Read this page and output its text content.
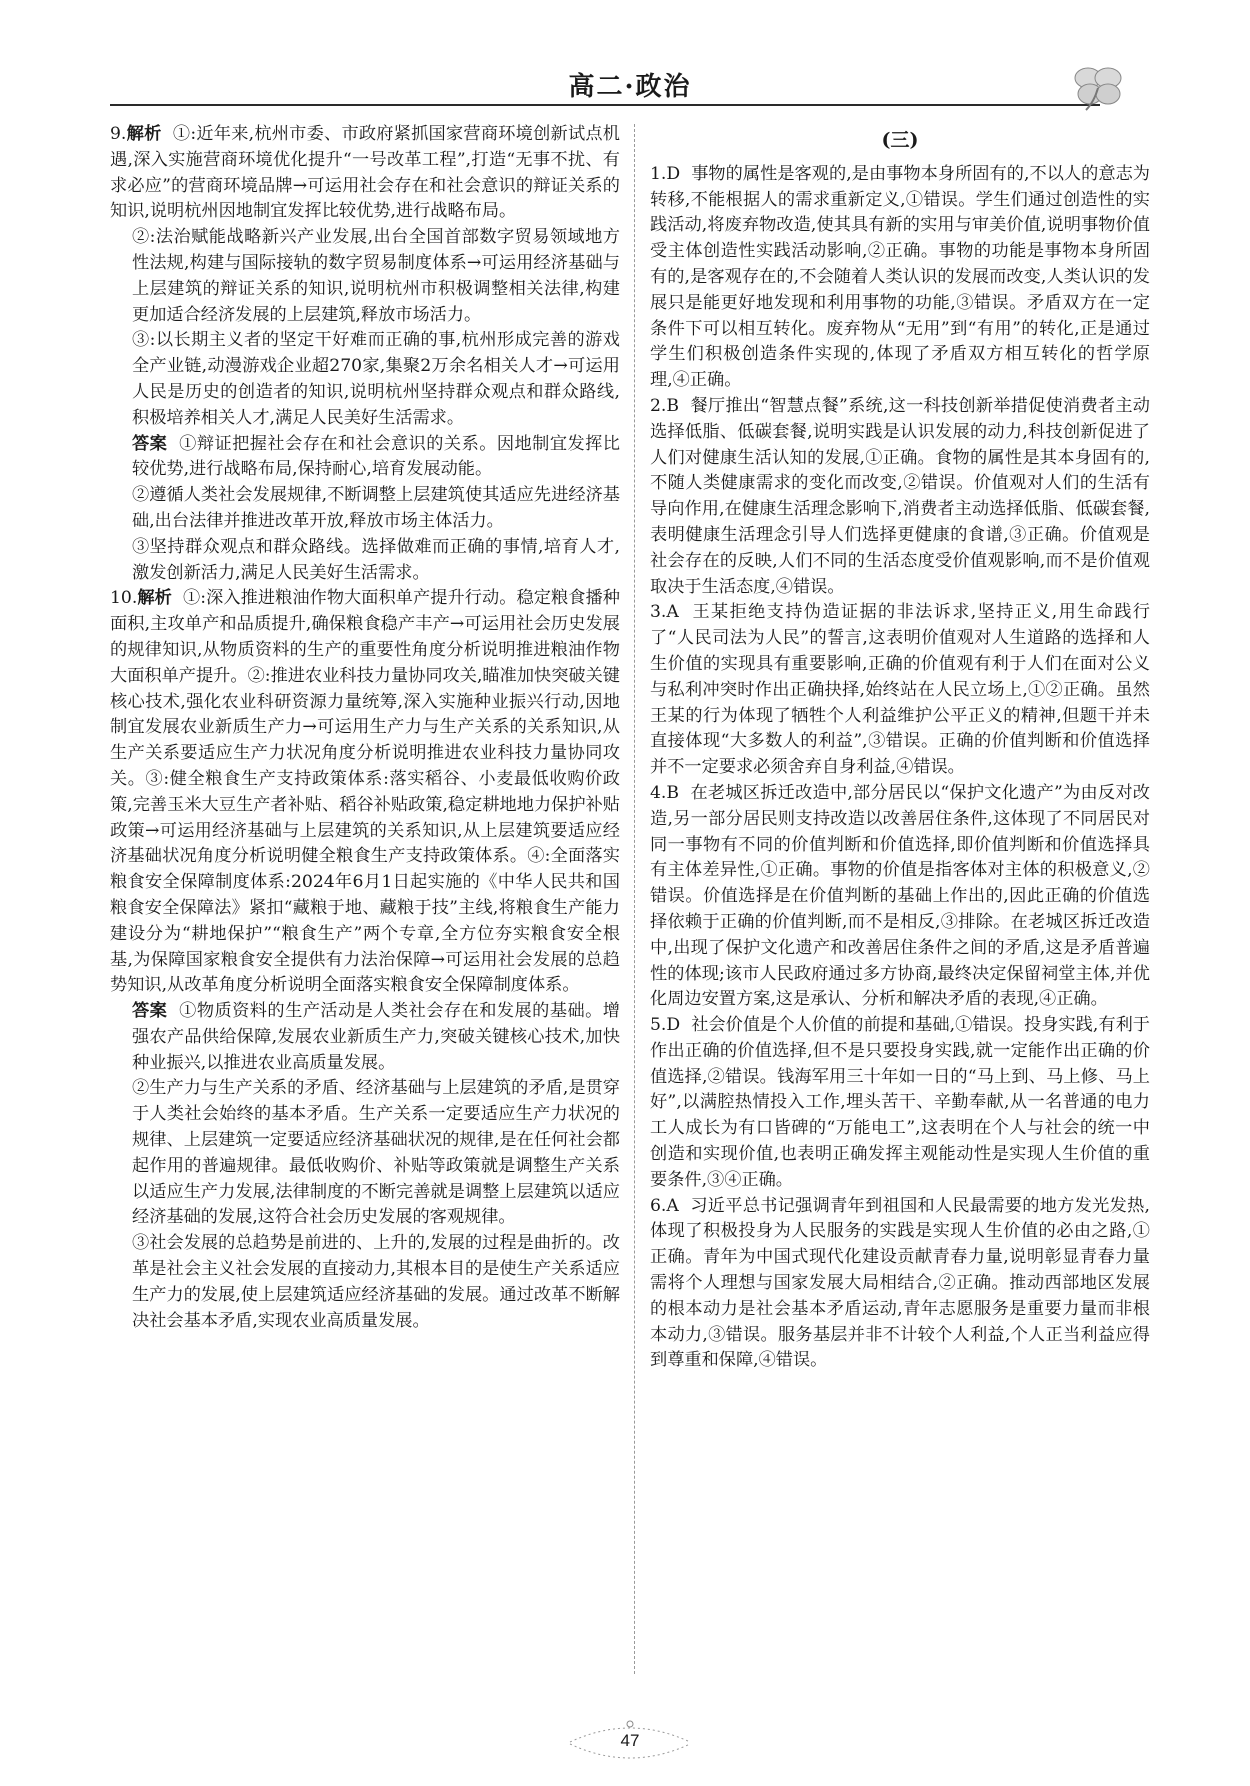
高二·政治
9.解析 ①:近年来,杭州市委、市政府紧抓国家营商环境创新试点机遇,深入实施营商环境优化提升“一号改革工程”,打造“无事不扰、有求必应”的营商环境品牌→可运用社会存在和社会意识的辩证关系的知识,说明杭州因地制宜发挥比较优势,进行战略布局。
②:法治赋能战略新兴产业发展,出台全国首部数字贸易领域地方性法规,构建与国际接轨的数字贸易制度体系→可运用经济基础与上层建筑的辩证关系的知识,说明杭州市积极调整相关法律,构建更加适合经济发展的上层建筑,释放市场活力。
③:以长期主义者的坚定干好难而正确的事,杭州形成完善的游戏全产业链,动漫游戏企业超270家,集聚2万余名相关人才→可运用人民是历史的创造者的知识,说明杭州坚持群众观点和群众路线,积极培养相关人才,满足人民美好生活需求。
答案 ①辩证把握社会存在和社会意识的关系。因地制宜发挥比较优势,进行战略布局,保持耐心,培育发展动能。
②遵循人类社会发展规律,不断调整上层建筑使其适应先进经济基础,出台法律并推进改革开放,释放市场主体活力。
③坚持群众观点和群众路线。选择做难而正确的事情,培育人才,激发创新活力,满足人民美好生活需求。
10.解析 ①:深入推进粮油作物大面积单产提升行动。稳定粮食播种面积,主攻单产和品质提升,确保粮食稳产丰产→可运用社会历史发展的规律知识,从物质资料的生产的重要性角度分析说明推进粮油作物大面积单产提升。②:推进农业科技力量协同攻关,瞄准加快突破关键核心技术,强化农业科研资源力量统筹,深入实施种业振兴行动,因地制宜发展农业新质生产力→可运用生产力与生产关系的关系知识,从生产关系要适应生产力状况角度分析说明推进农业科技力量协同攻关。③:健全粮食生产支持政策体系:落实稻谷、小麦最低收购价政策,完善玉米大豆生产者补贴、稻谷补贴政策,稳定耕地地力保护补贴政策→可运用经济基础与上层建筑的关系知识,从上层建筑要适应经济基础状况角度分析说明健全粮食生产支持政策体系。④:全面落实粮食安全保障制度体系:2024年6月1日起实施的《中华人民共和国粮食安全保障法》紧扣“藏粮于地、藏粮于技”主线,将粮食生产能力建设分为“耕地保护”“粮食生产”两个专章,全方位夯实粮食安全根基,为保障国家粮食安全提供有力法治保障→可运用社会发展的总趋势知识,从改革角度分析说明全面落实粮食安全保障制度体系。
答案 ①物质资料的生产活动是人类社会存在和发展的基础。增强农产品供给保障,发展农业新质生产力,突破关键核心技术,加快种业振兴,以推进农业高质量发展。
②生产力与生产关系的矛盾、经济基础与上层建筑的矛盾,是贯穿于人类社会始终的基本矛盾。生产关系一定要适应生产力状况的规律、上层建筑一定要适应经济基础状况的规律,是在任何社会都起作用的普遍规律。最低收购价、补贴等政策就是调整生产关系以适应生产力发展,法律制度的不断完善就是调整上层建筑以适应经济基础的发展,这符合社会历史发展的客观规律。
③社会发展的总趋势是前进的、上升的,发展的过程是曲折的。改革是社会主义社会发展的直接动力,其根本目的是使生产关系适应生产力的发展,使上层建筑适应经济基础的发展。通过改革不断解决社会基本矛盾,实现农业高质量发展。
(三)
1.D 事物的属性是客观的,是由事物本身所固有的,不以人的意志为转移,不能根据人的需求重新定义,①错误。学生们通过创造性的实践活动,将废弃物改造,使其具有新的实用与审美价值,说明事物价值受主体创造性实践活动影响,②正确。事物的功能是事物本身所固有的,是客观存在的,不会随着人类认识的发展而改变,人类认识的发展只是能更好地发现和利用事物的功能,③错误。矛盾双方在一定条件下可以相互转化。废弃物从“无用”到“有用”的转化,正是通过学生们积极创造条件实现的,体现了矛盾双方相互转化的哲学原理,④正确。
2.B 餐厅推出“智慧点餐”系统,这一科技创新举措促使消费者主动选择低脂、低碳套餐,说明实践是认识发展的动力,科技创新促进了人们对健康生活认知的发展,①正确。食物的属性是其本身固有的,不随人类健康需求的变化而改变,②错误。价值观对人们的生活有导向作用,在健康生活理念影响下,消费者主动选择低脂、低碳套餐,表明健康生活理念引导人们选择更健康的食谱,③正确。价值观是社会存在的反映,人们不同的生活态度受价值观影响,而不是价值观取决于生活态度,④错误。
3.A 王某拒绝支持伪造证据的非法诉求,坚持正义,用生命践行了“人民司法为人民”的誓言,这表明价值观对人生道路的选择和人生价值的实现具有重要影响,正确的价值观有利于人们在面对公义与私利冲突时作出正确抉择,始终站在人民立场上,①②正确。虽然王某的行为体现了牺牲个人利益维护公平正义的精神,但题干并未直接体现“大多数人的利益”,③错误。正确的价值判断和价值选择并不一定要求必须舍弃自身利益,④错误。
4.B 在老城区拆迁改造中,部分居民以“保护文化遗产”为由反对改造,另一部分居民则支持改造以改善居住条件,这体现了不同居民对同一事物有不同的价值判断和价值选择,即价值判断和价值选择具有主体差异性,①正确。事物的价值是指客体对主体的积极意义,②错误。价值选择是在价值判断的基础上作出的,因此正确的价值选择依赖于正确的价值判断,而不是相反,③排除。在老城区拆迁改造中,出现了保护文化遗产和改善居住条件之间的矛盾,这是矛盾普遍性的体现;该市人民政府通过多方协商,最终决定保留祠堂主体,并优化周边安置方案,这是承认、分析和解决矛盾的表现,④正确。
5.D 社会价值是个人价值的前提和基础,①错误。投身实践,有利于作出正确的价值选择,但不是只要投身实践,就一定能作出正确的价值选择,②错误。钱海军用三十年如一日的“马上到、马上修、马上好”,以满腔热情投入工作,埋头苦干、辛勤奉献,从一名普通的电力工人成长为有口皆碑的“万能电工”,这表明在个人与社会的统一中创造和实现价值,也表明正确发挥主观能动性是实现人生价值的重要条件,③④正确。
6.A 习近平总书记强调青年到祖国和人民最需要的地方发光发热,体现了积极投身为人民服务的实践是实现人生价值的必由之路,①正确。青年为中国式现代化建设贡献青春力量,说明彰显青春力量需将个人理想与国家发展大局相结合,②正确。推动西部地区发展的根本动力是社会基本矛盾运动,青年志愿服务是重要力量而非根本动力,③错误。服务基层并非不计较个人利益,个人正当利益应得到尊重和保障,④错误。
47
